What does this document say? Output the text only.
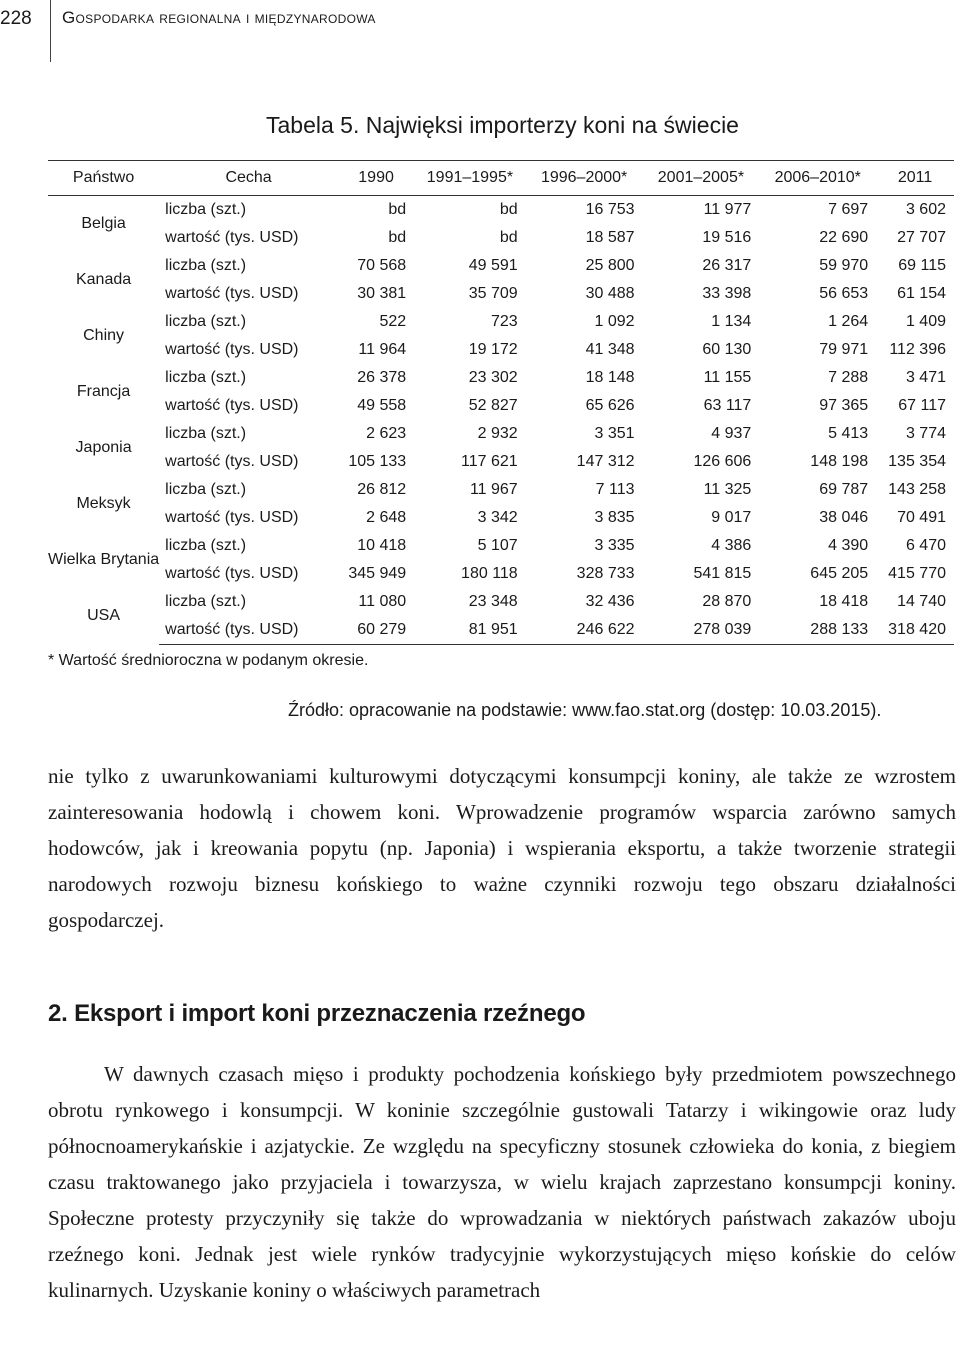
228 Gospodarka regionalna i międzynarodowa
Tabela 5. Najwięksi importerzy koni na świecie
Państwo	Cecha	1990	1991–1995*	1996–2000*	2001–2005*	2006–2010*	2011
Belgia	liczba (szt.)	bd	bd	16 753	11 977	7 697	3 602
	wartość (tys. USD)	bd	bd	18 587	19 516	22 690	27 707
Kanada	liczba (szt.)	70 568	49 591	25 800	26 317	59 970	69 115
	wartość (tys. USD)	30 381	35 709	30 488	33 398	56 653	61 154
Chiny	liczba (szt.)	522	723	1 092	1 134	1 264	1 409
	wartość (tys. USD)	11 964	19 172	41 348	60 130	79 971	112 396
Francja	liczba (szt.)	26 378	23 302	18 148	11 155	7 288	3 471
	wartość (tys. USD)	49 558	52 827	65 626	63 117	97 365	67 117
Japonia	liczba (szt.)	2 623	2 932	3 351	4 937	5 413	3 774
	wartość (tys. USD)	105 133	117 621	147 312	126 606	148 198	135 354
Meksyk	liczba (szt.)	26 812	11 967	7 113	11 325	69 787	143 258
	wartość (tys. USD)	2 648	3 342	3 835	9 017	38 046	70 491
Wielka Brytania	liczba (szt.)	10 418	5 107	3 335	4 386	4 390	6 470
	wartość (tys. USD)	345 949	180 118	328 733	541 815	645 205	415 770
USA	liczba (szt.)	11 080	23 348	32 436	28 870	18 418	14 740
	wartość (tys. USD)	60 279	81 951	246 622	278 039	288 133	318 420
* Wartość średnioroczna w podanym okresie.
Źródło: opracowanie na podstawie: www.fao.stat.org (dostęp: 10.03.2015).
nie tylko z uwarunkowaniami kulturowymi dotyczącymi konsumpcji koniny, ale także ze wzrostem zainteresowania hodowlą i chowem koni. Wprowadzenie programów wsparcia zarówno samych hodowców, jak i kreowania popytu (np. Japonia) i wspierania eksportu, a także tworzenie strategii narodowych rozwoju biznesu końskiego to ważne czynniki rozwoju tego obszaru działalności gospodarczej.
2. Eksport i import koni przeznaczenia rzeźnego
W dawnych czasach mięso i produkty pochodzenia końskiego były przedmiotem powszechnego obrotu rynkowego i konsumpcji. W koninie szczególnie gustowali Tatarzy i wikingowie oraz ludy północnoamerykańskie i azjatyckie. Ze względu na specyficzny stosunek człowieka do konia, z biegiem czasu traktowanego jako przyjaciela i towarzysza, w wielu krajach zaprzestano konsumpcji koniny. Społeczne protesty przyczyniły się także do wprowadzania w niektórych państwach zakazów uboju rzeźnego koni. Jednak jest wiele rynków tradycyjnie wykorzystujących mięso końskie do celów kulinarnych. Uzyskanie koniny o właściwych parametrach
